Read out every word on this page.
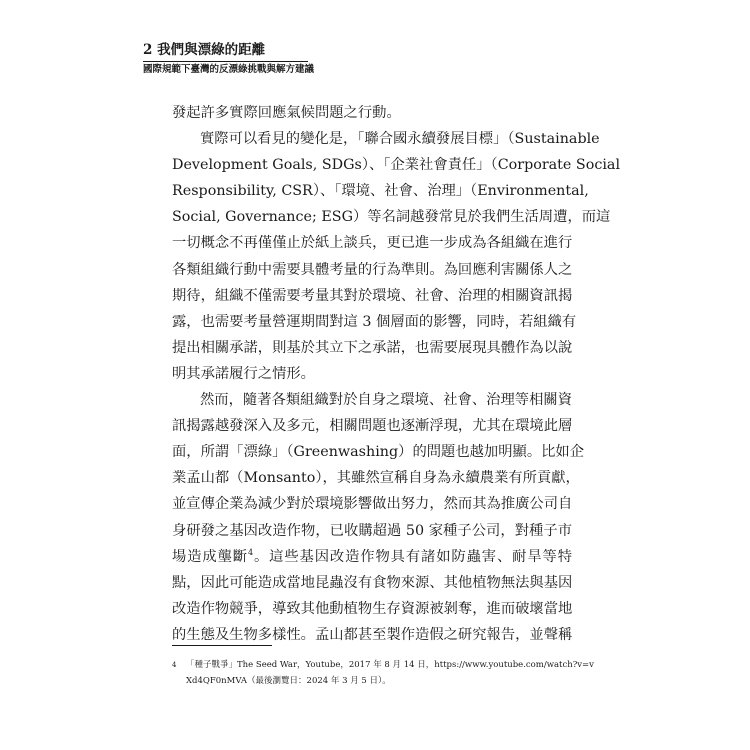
2 我們與漂綠的距離
國際規範下臺灣的反漂綠挑戰與解方建議

發起許多實際回應氣候問題之行動。

實際可以看見的變化是，「聯合國永續發展目標」（Sustainable
Development Goals, SDGs）、「企業社會責任」（Corporate Social
Responsibility, CSR）、「環境、社會、治理」（Environmental,
Social, Governance; ESG）等名詞越發常見於我們生活周遭，而這
一切概念不再僅僅止於紙上談兵，更已進一步成為各組織在進行
各類組織行動中需要具體考量的行為準則。為回應利害關係人之
期待，組織不僅需要考量其對於環境、社會、治理的相關資訊揭
露，也需要考量營運期間對這 3 個層面的影響，同時，若組織有
提出相關承諾，則基於其立下之承諾，也需要展現具體作為以說
明其承諾履行之情形。

然而，隨著各類組織對於自身之環境、社會、治理等相關資
訊揭露越發深入及多元，相關問題也逐漸浮現，尤其在環境此層
面，所謂「漂綠」（Greenwashing）的問題也越加明顯。比如企
業孟山都（Monsanto），其雖然宣稱自身為永續農業有所貢獻，
並宣傳企業為減少對於環境影響做出努力，然而其為推廣公司自
身研發之基因改造作物，已收購超過 50 家種子公司，對種子市
場造成壟斷$^4$。這些基因改造作物具有諸如防蟲害、耐旱等特
點，因此可能造成當地昆蟲沒有食物來源、其他植物無法與基因
改造作物競爭，導致其他動植物生存資源被剝奪，進而破壞當地
的生態及生物多樣性。孟山都甚至製作造假之研究報告，並聲稱

4 「種子戰爭」The Seed War，Youtube，2017 年 8 月 14 日，https://www.youtube.com/watch?v=v
Xd4QF0nMVA（最後瀏覽日：2024 年 3 月 5 日）。
